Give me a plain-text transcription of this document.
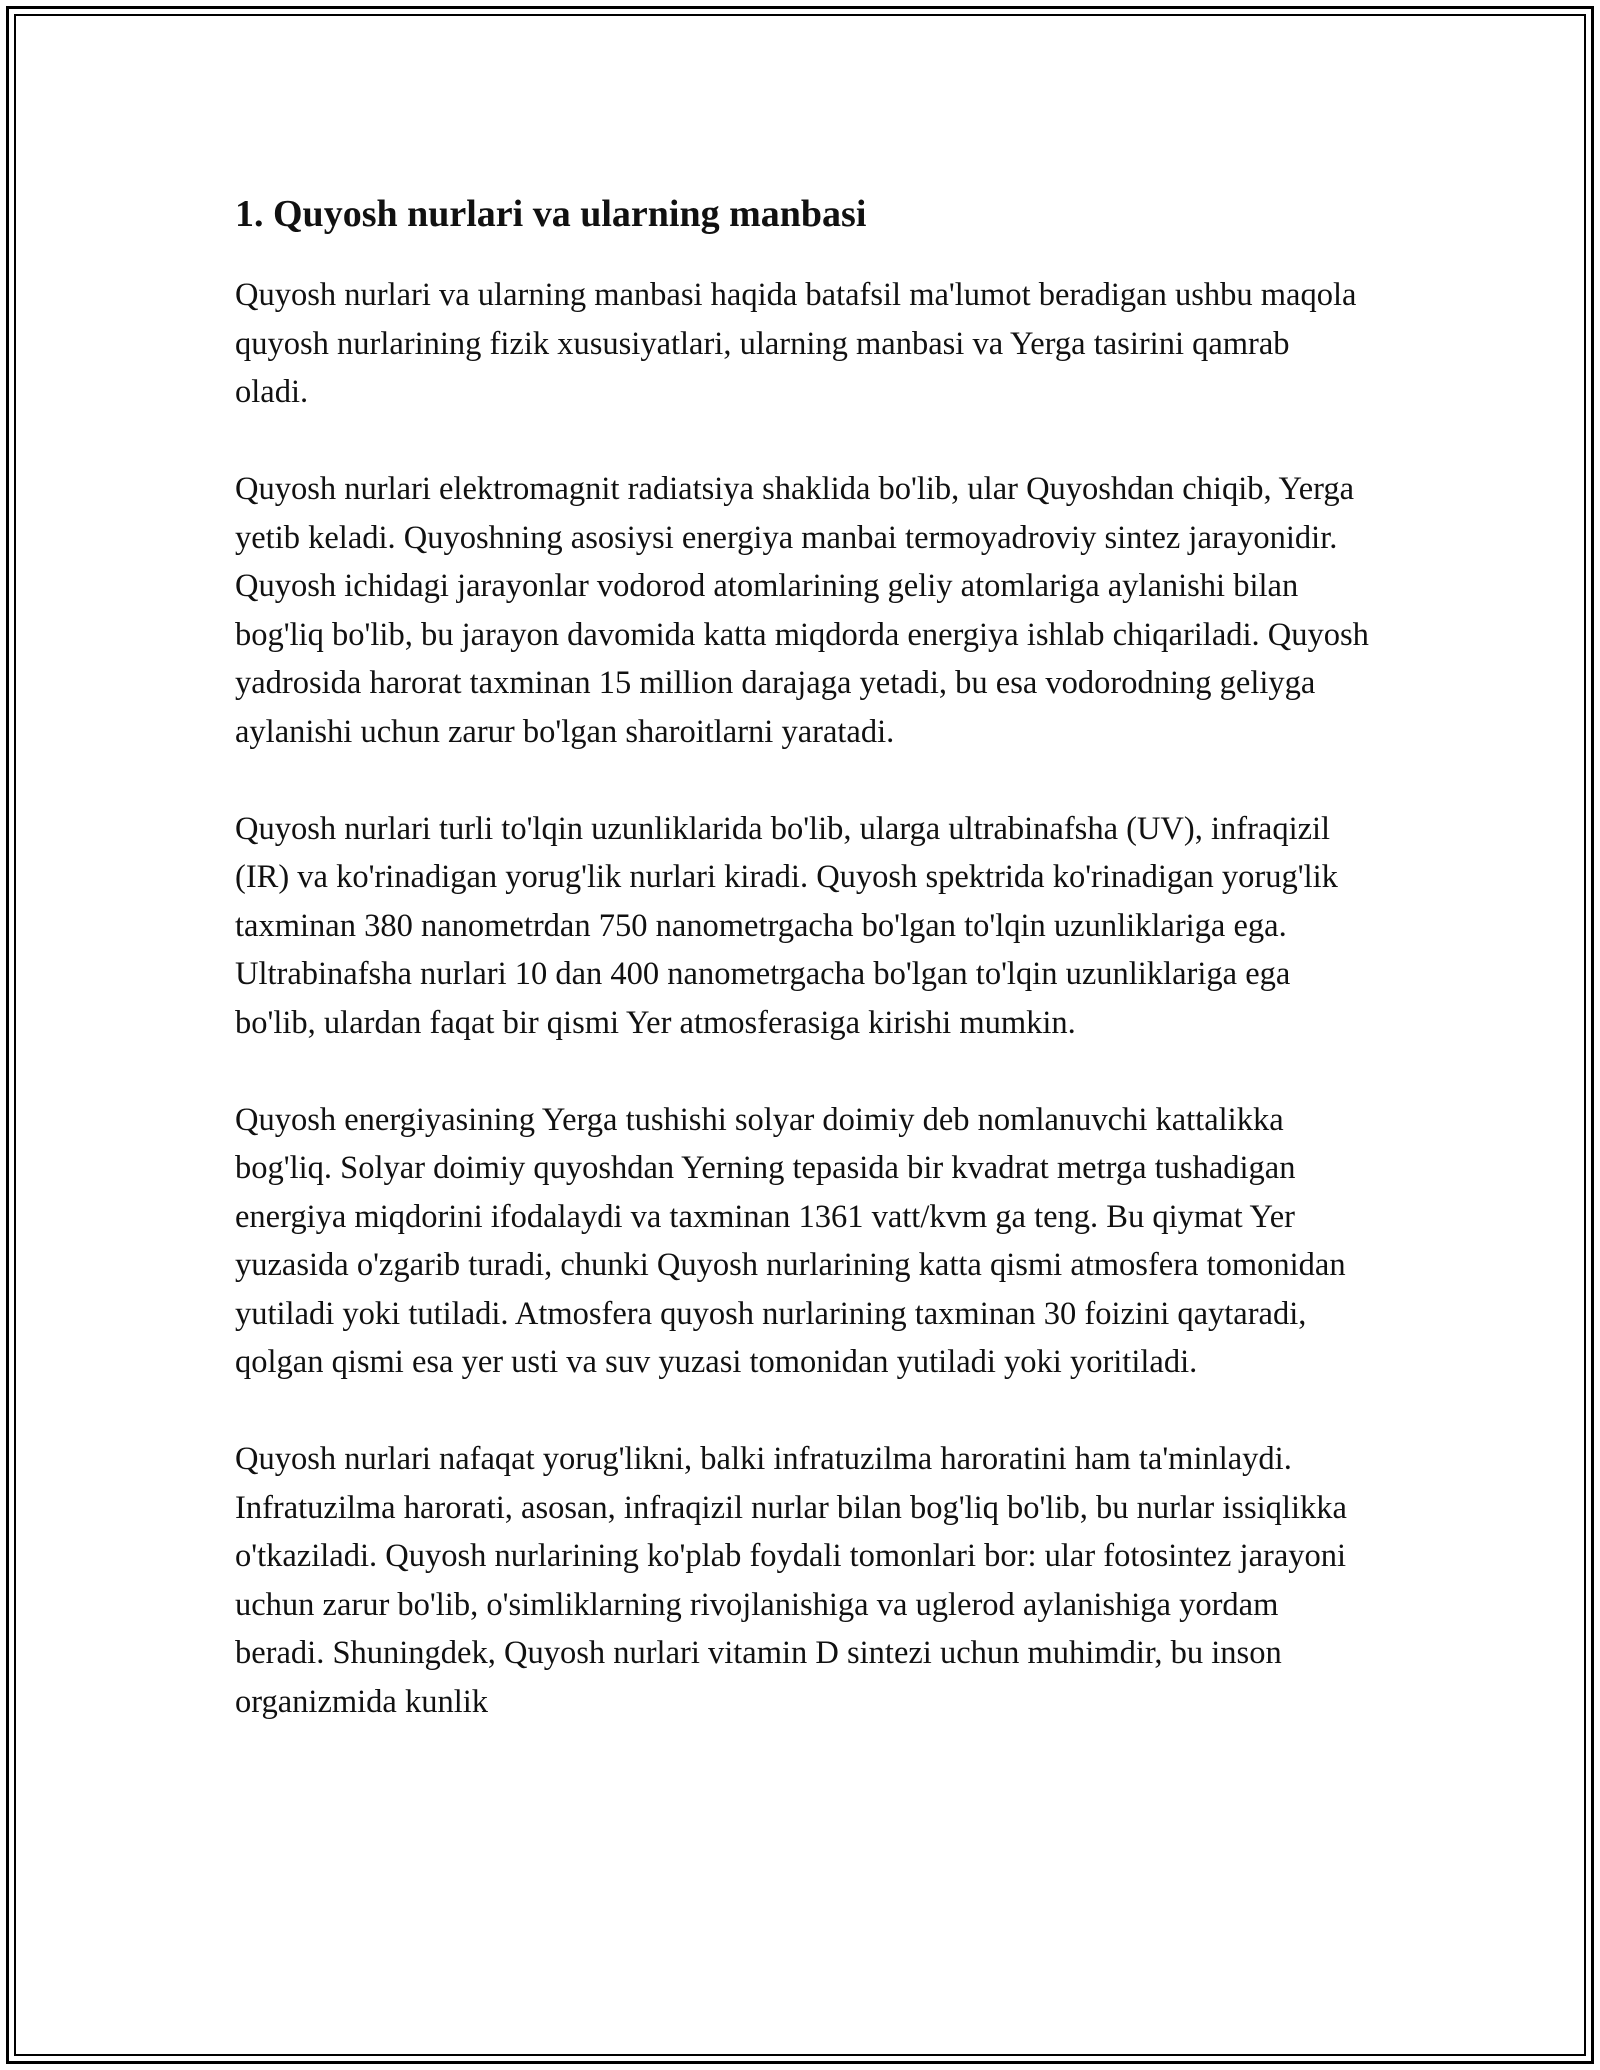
1. Quyosh nurlari va ularning manbasi

Quyosh nurlari va ularning manbasi haqida batafsil ma'lumot beradigan ushbu maqola quyosh nurlarining fizik xususiyatlari, ularning manbasi va Yerga tasirini qamrab oladi.

Quyosh nurlari elektromagnit radiatsiya shaklida bo'lib, ular Quyoshdan chiqib, Yerga yetib keladi. Quyoshning asosiysi energiya manbai termoyadroviy sintez jarayonidir. Quyosh ichidagi jarayonlar vodorod atomlarining geliy atomlariga aylanishi bilan bog'liq bo'lib, bu jarayon davomida katta miqdorda energiya ishlab chiqariladi. Quyosh yadrosida harorat taxminan 15 million darajaga yetadi, bu esa vodorodning geliyga aylanishi uchun zarur bo'lgan sharoitlarni yaratadi.

Quyosh nurlari turli to'lqin uzunliklarida bo'lib, ularga ultrabinafsha (UV), infraqizil (IR) va ko'rinadigan yorug'lik nurlari kiradi. Quyosh spektrida ko'rinadigan yorug'lik taxminan 380 nanometrdan 750 nanometrgacha bo'lgan to'lqin uzunliklariga ega. Ultrabinafsha nurlari 10 dan 400 nanometrgacha bo'lgan to'lqin uzunliklariga ega bo'lib, ulardan faqat bir qismi Yer atmosferasiga kirishi mumkin.

Quyosh energiyasining Yerga tushishi solyar doimiy deb nomlanuvchi kattalikka bog'liq. Solyar doimiy quyoshdan Yerning tepasida bir kvadrat metrga tushadigan energiya miqdorini ifodalaydi va taxminan 1361 vatt/kvm ga teng. Bu qiymat Yer yuzasida o'zgarib turadi, chunki Quyosh nurlarining katta qismi atmosfera tomonidan yutiladi yoki tutiladi. Atmosfera quyosh nurlarining taxminan 30 foizini qaytaradi, qolgan qismi esa yer usti va suv yuzasi tomonidan yutiladi yoki yoritiladi.

Quyosh nurlari nafaqat yorug'likni, balki infratuzilma haroratini ham ta'minlaydi. Infratuzilma harorati, asosan, infraqizil nurlar bilan bog'liq bo'lib, bu nurlar issiqlikka o'tkaziladi. Quyosh nurlarining ko'plab foydali tomonlari bor: ular fotosintez jarayoni uchun zarur bo'lib, o'simliklarning rivojlanishiga va uglerod aylanishiga yordam beradi. Shuningdek, Quyosh nurlari vitamin D sintezi uchun muhimdir, bu inson organizmida kunlik
